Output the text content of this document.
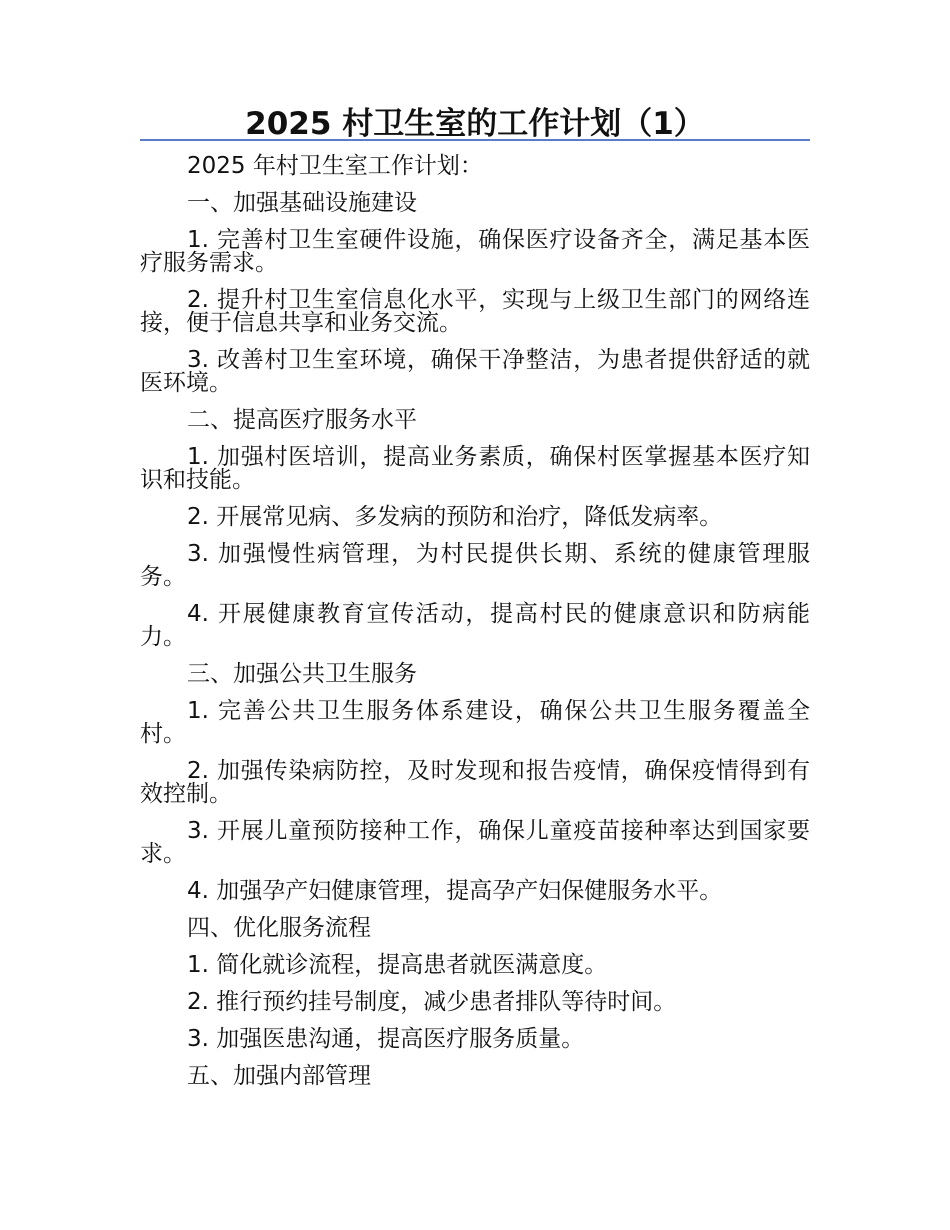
2025 村卫生室的工作计划（1）

2025 年村卫生室工作计划：

一、加强基础设施建设

1. 完善村卫生室硬件设施，确保医疗设备齐全，满足基本医疗服务需求。

2. 提升村卫生室信息化水平，实现与上级卫生部门的网络连接，便于信息共享和业务交流。

3. 改善村卫生室环境，确保干净整洁，为患者提供舒适的就医环境。

二、提高医疗服务水平

1. 加强村医培训，提高业务素质，确保村医掌握基本医疗知识和技能。

2. 开展常见病、多发病的预防和治疗，降低发病率。

3. 加强慢性病管理，为村民提供长期、系统的健康管理服务。

4. 开展健康教育宣传活动，提高村民的健康意识和防病能力。

三、加强公共卫生服务

1. 完善公共卫生服务体系建设，确保公共卫生服务覆盖全村。

2. 加强传染病防控，及时发现和报告疫情，确保疫情得到有效控制。

3. 开展儿童预防接种工作，确保儿童疫苗接种率达到国家要求。

4. 加强孕产妇健康管理，提高孕产妇保健服务水平。

四、优化服务流程

1. 简化就诊流程，提高患者就医满意度。

2. 推行预约挂号制度，减少患者排队等待时间。

3. 加强医患沟通，提高医疗服务质量。

五、加强内部管理
